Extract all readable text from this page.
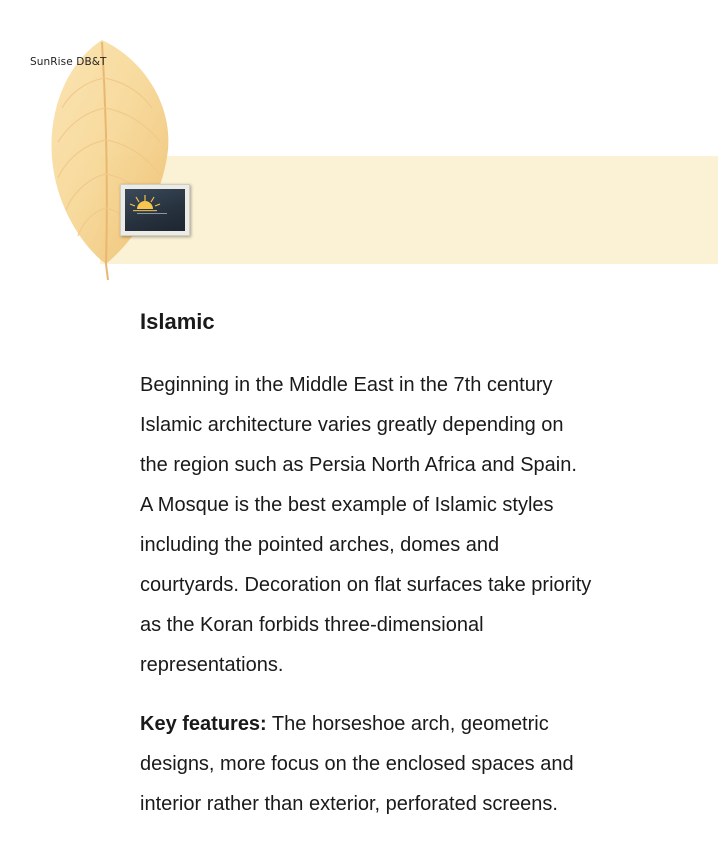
SunRise DB&T
Islamic

Beginning in the Middle East in the 7th century
Islamic architecture varies greatly depending on
the region such as Persia North Africa and Spain.
A Mosque is the best example of Islamic styles
including the pointed arches, domes and
courtyards. Decoration on flat surfaces take priority
as the Koran forbids three-dimensional
representations.

Key features: The horseshoe arch, geometric
designs, more focus on the enclosed spaces and
interior rather than exterior, perforated screens.
